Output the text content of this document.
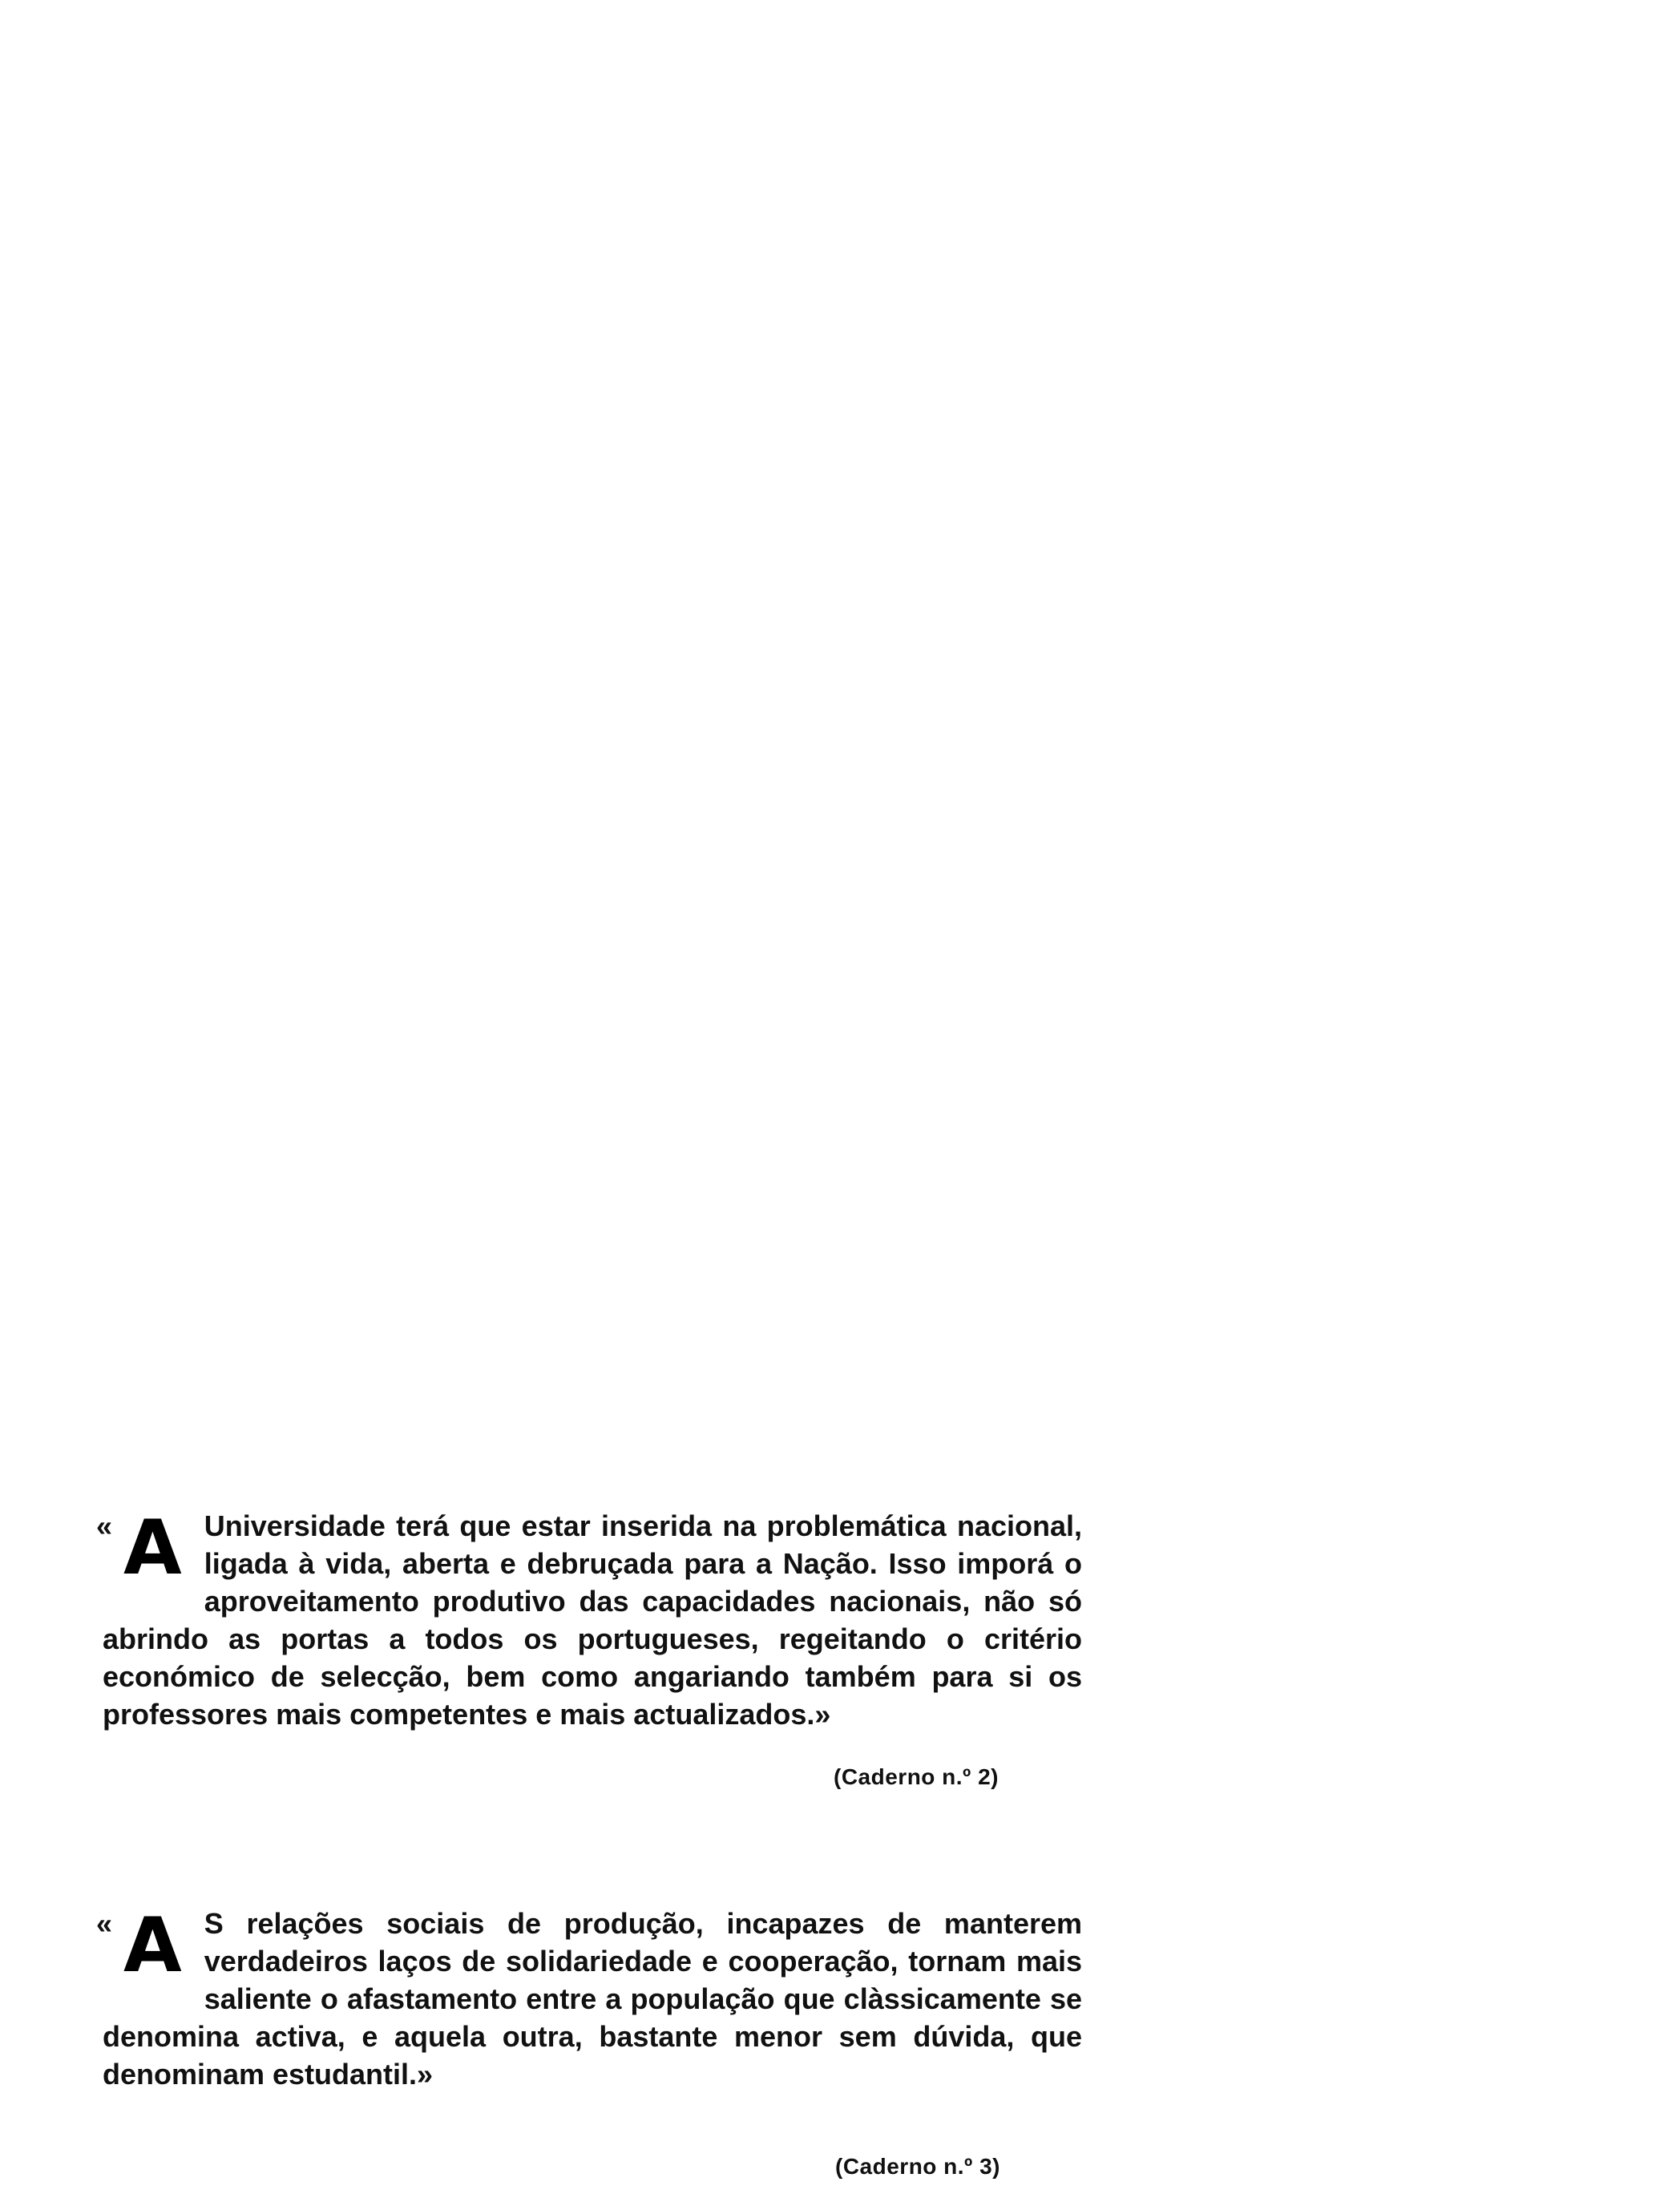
« A Universidade terá que estar inserida na problemática nacional, ligada à vida, aberta e debruçada para a Nação. Isso imporá o aproveitamento produtivo das capacidades nacionais, não só abrindo as portas a todos os portugueses, regeitando o critério económico de selecção, bem como angariando também para si os professores mais competentes e mais actualizados.»
(Caderno n.º 2)
« A S relações sociais de produção, incapazes de manterem verdadeiros laços de solidariedade e cooperação, tornam mais saliente o afastamento entre a população que clàssicamente se denomina activa, e aquela outra, bastante menor sem dúvida, que denominam estudantil.»
(Caderno n.º 3)
